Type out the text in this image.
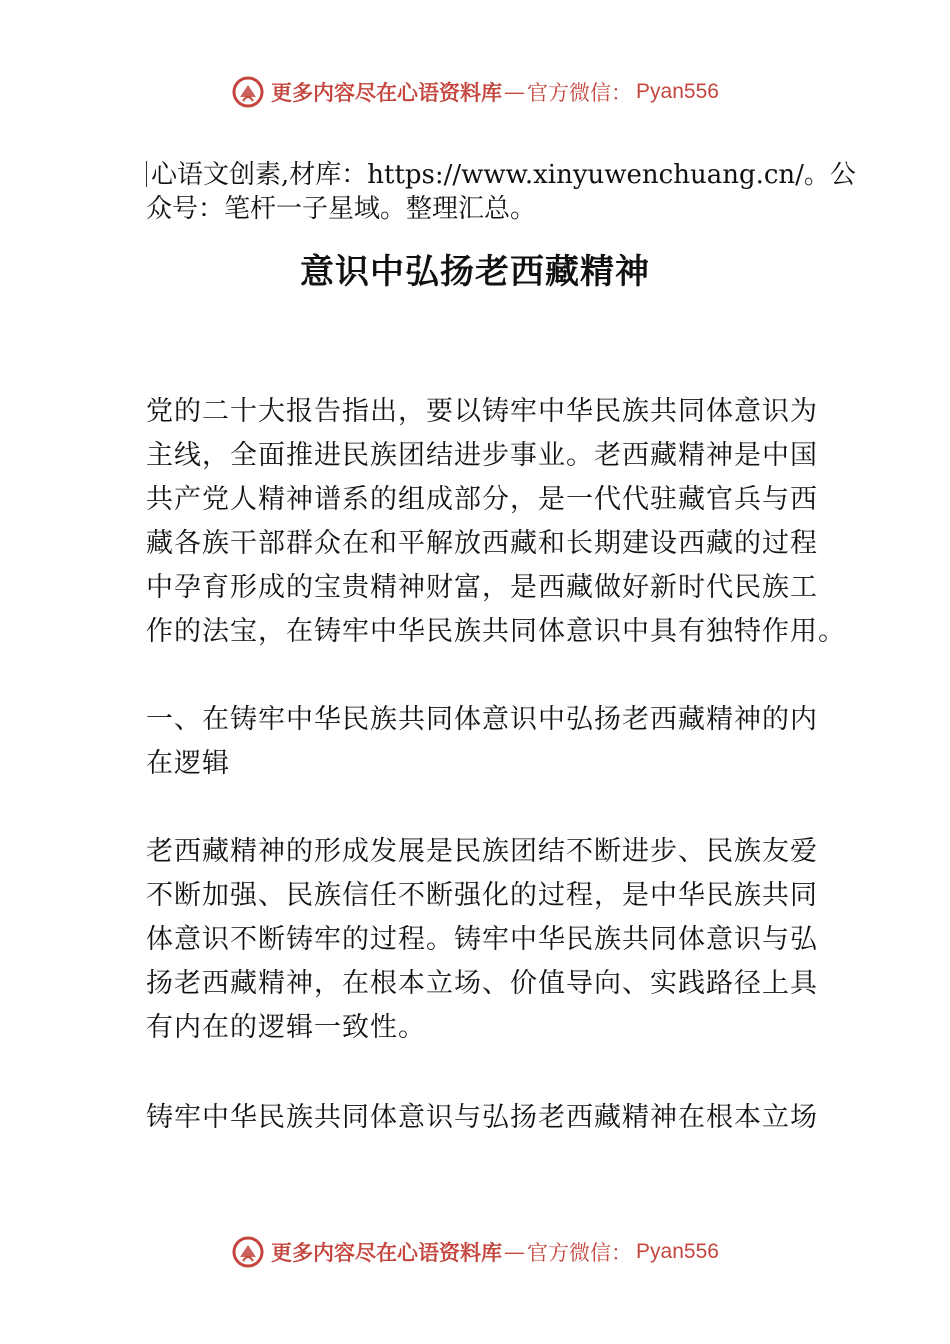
更多内容尽在心语资料库 — 官方微信： Pyan556
心语文创素,材库：https://www.xinyuwenchuang.cn/。公
众号：笔杆一子星域。整理汇总。
意识中弘扬老西藏精神
党的二十大报告指出，要以铸牢中华民族共同体意识为
主线，全面推进民族团结进步事业。老西藏精神是中国
共产党人精神谱系的组成部分，是一代代驻藏官兵与西
藏各族干部群众在和平解放西藏和长期建设西藏的过程
中孕育形成的宝贵精神财富，是西藏做好新时代民族工
作的法宝，在铸牢中华民族共同体意识中具有独特作用。
一、在铸牢中华民族共同体意识中弘扬老西藏精神的内
在逻辑
老西藏精神的形成发展是民族团结不断进步、民族友爱
不断加强、民族信任不断强化的过程，是中华民族共同
体意识不断铸牢的过程。铸牢中华民族共同体意识与弘
扬老西藏精神，在根本立场、价值导向、实践路径上具
有内在的逻辑一致性。
铸牢中华民族共同体意识与弘扬老西藏精神在根本立场
更多内容尽在心语资料库 — 官方微信： Pyan556
